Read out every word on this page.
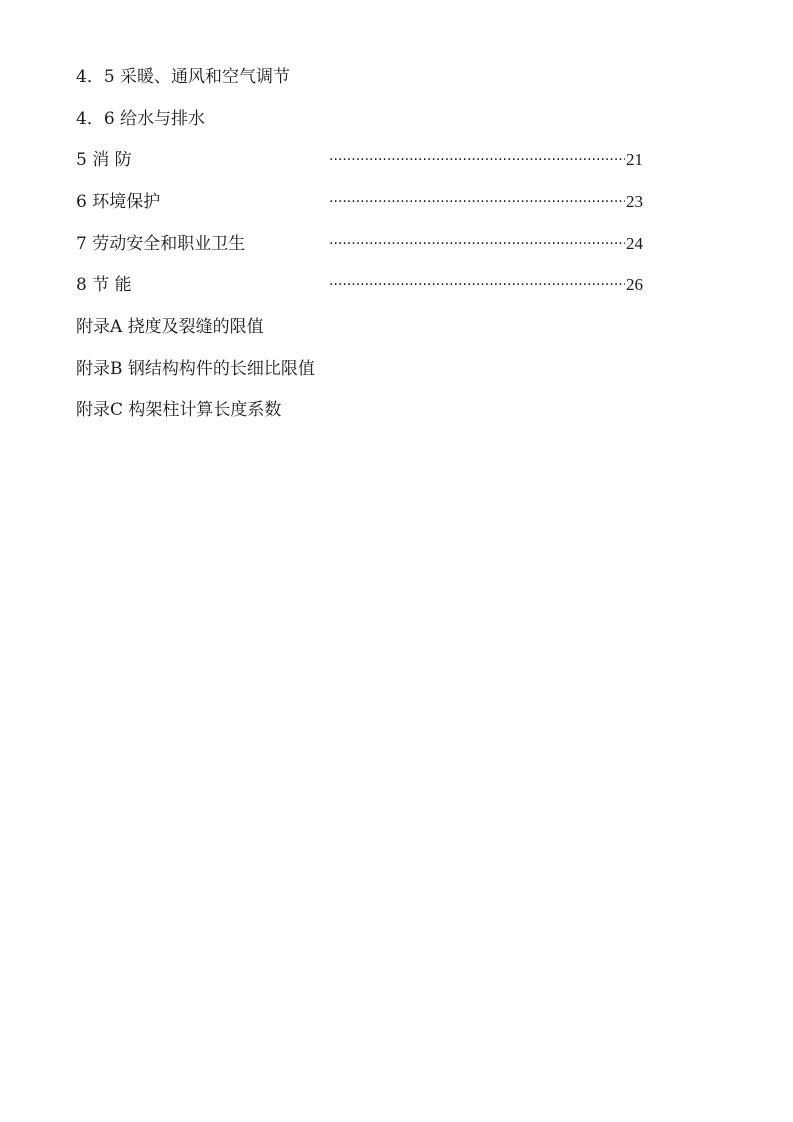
4．5 采暖、通风和空气调节
4．6 给水与排水
5 消 防 ·····	21
6 环境保护 ·····	23
7 劳动安全和职业卫生 ·····	24
8 节 能 ·····	26
附录A 挠度及裂缝的限值
附录B 钢结构构件的长细比限值
附录C 构架柱计算长度系数
